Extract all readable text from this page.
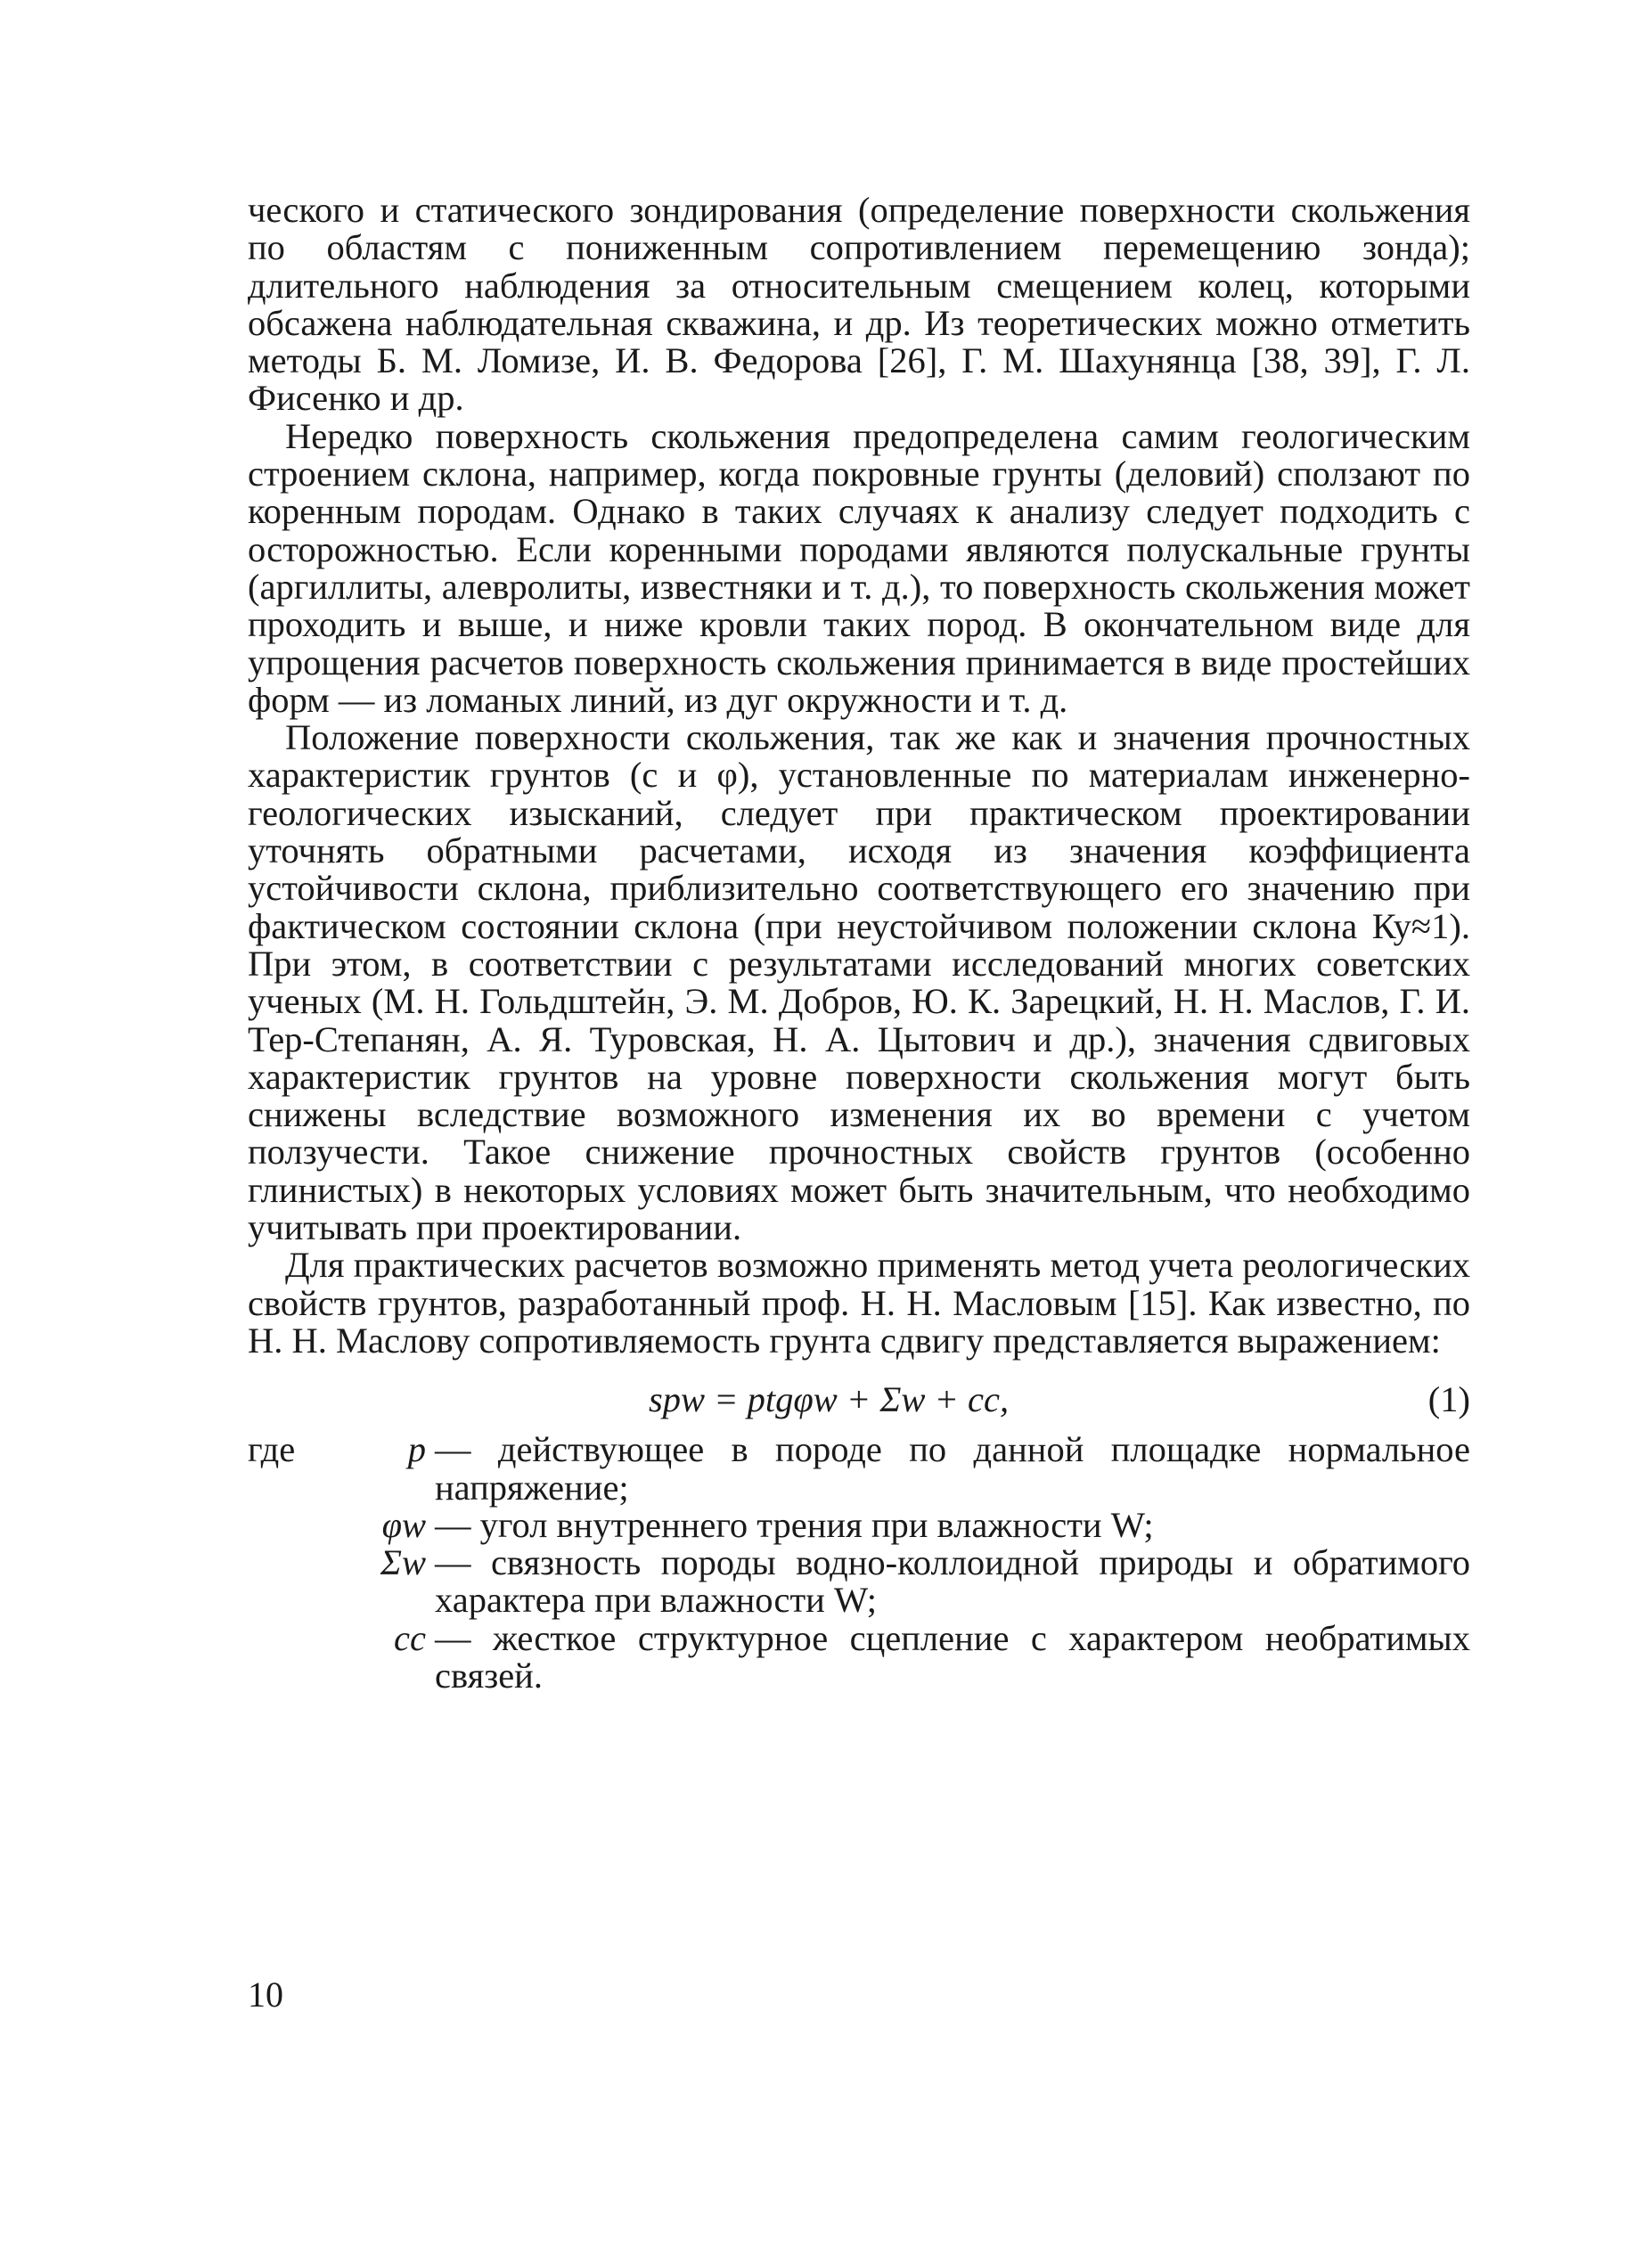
ческого и статического зондирования (определение поверхности скольжения по областям с пониженным сопротивлением перемещению зонда); длительного наблюдения за относительным смещением колец, которыми обсажена наблюдательная скважина, и др. Из теоретических можно отметить методы Б. М. Ломизе, И. В. Федорова [26], Г. М. Шахунянца [38, 39], Г. Л. Фисенко и др.

Нередко поверхность скольжения предопределена самим геологическим строением склона, например, когда покровные грунты (деловий) сползают по коренным породам. Однако в таких случаях к анализу следует подходить с осторожностью. Если коренными породами являются полускальные грунты (аргиллиты, алевролиты, известняки и т. д.), то поверхность скольжения может проходить и выше, и ниже кровли таких пород. В окончательном виде для упрощения расчетов поверхность скольжения принимается в виде простейших форм — из ломаных линий, из дуг окружности и т. д.

Положение поверхности скольжения, так же как и значения прочностных характеристик грунтов (с и φ), установленные по материалам инженерно-геологических изысканий, следует при практическом проектировании уточнять обратными расчетами, исходя из значения коэффициента устойчивости склона, приблизительно соответствующего его значению при фактическом состоянии склона (при неустойчивом положении склона Ку≈1). При этом, в соответствии с результатами исследований многих советских ученых (М. Н. Гольдштейн, Э. М. Добров, Ю. К. Зарецкий, Н. Н. Маслов, Г. И. Тер-Степанян, А. Я. Туровская, Н. А. Цытович и др.), значения сдвиговых характеристик грунтов на уровне поверхности скольжения могут быть снижены вследствие возможного изменения их во времени с учетом ползучести. Такое снижение прочностных свойств грунтов (особенно глинистых) в некоторых условиях может быть значительным, что необходимо учитывать при проектировании.

Для практических расчетов возможно применять метод учета реологических свойств грунтов, разработанный проф. Н. Н. Масловым [15]. Как известно, по Н. Н. Маслову сопротивляемость грунта сдвигу представляется выражением:

spw = ptgφw + Σw + cc,	(1)
где	p — действующее в породе по данной площадке нормальное напряжение;
φw — угол внутреннего трения при влажности W;
Σw — связность породы водно-коллоидной природы и обратимого характера при влажности W;
cc — жесткое структурное сцепление с характером необратимых связей.
10
